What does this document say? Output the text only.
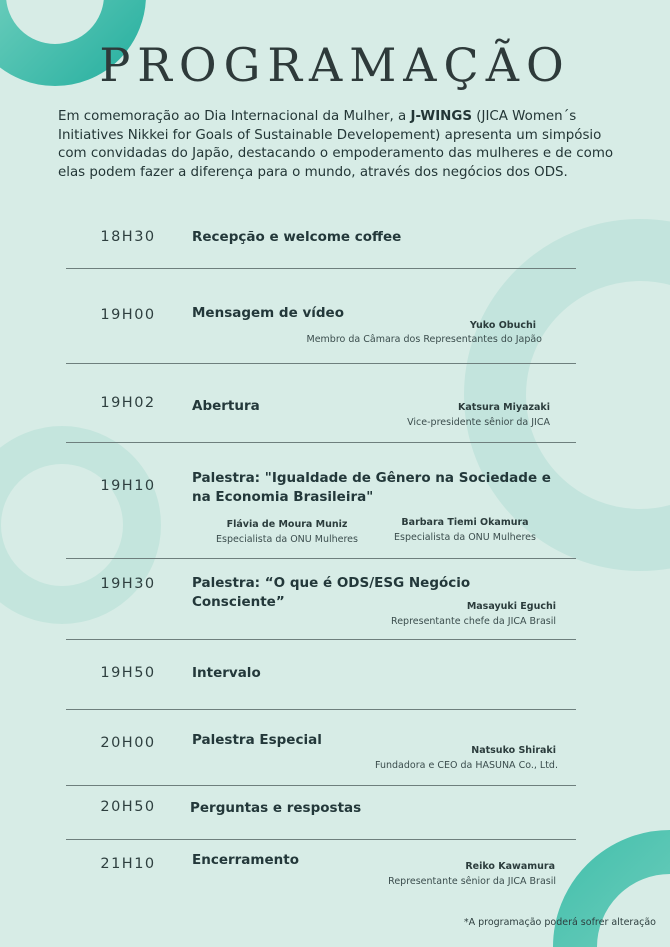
PROGRAMAÇÃO

Em comemoração ao Dia Internacional da Mulher, a J-WINGS (JICA Women´s Initiatives Nikkei for Goals of Sustainable Developement) apresenta um simpósio com convidadas do Japão, destacando o empoderamento das mulheres e de como elas podem fazer a diferença para o mundo, através dos negócios dos ODS.

18H30	Recepção e welcome coffee
19H00	Mensagem de vídeo
Yuko Obuchi
Membro da Câmara dos Representantes do Japão
19H02	Abertura	Katsura Miyazaki
Vice-presidente sênior da JICA
19H10	Palestra: "Igualdade de Gênero na Sociedade e
na Economia Brasileira"
Flávia de Moura Muniz
Especialista da ONU Mulheres
Barbara Tiemi Okamura
Especialista da ONU Mulheres
19H30	Palestra: “O que é ODS/ESG Negócio
Consciente”	Masayuki Eguchi
Representante chefe da JICA Brasil
19H50	Intervalo
20H00	Palestra Especial
Natsuko Shiraki
Fundadora e CEO da HASUNA Co., Ltd.
20H50	Perguntas e respostas
21H10	Encerramento	Reiko Kawamura
Representante sênior da JICA Brasil
*A programação poderá sofrer alteração
